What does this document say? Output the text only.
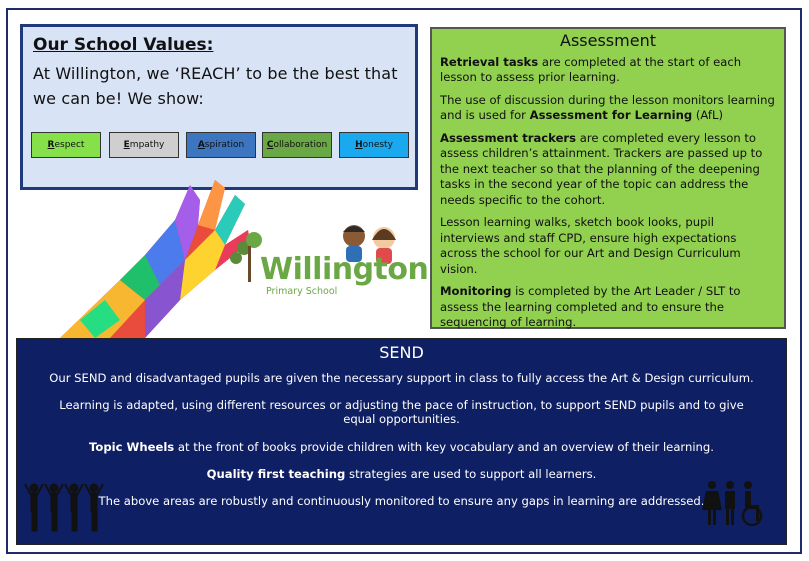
Our School Values:
At Willington, we ‘REACH’ to be the best that we can be! We show:
R espect	E mpathy	A spiration	C ollaboration	H onesty
Assessment

Retrieval tasks are completed at the start of each lesson to assess prior learning.

The use of discussion during the lesson monitors learning and is used for Assessment for Learning (AfL)

Assessment trackers are completed every lesson to assess children’s attainment. Trackers are passed up to the next teacher so that the planning of the deepening tasks in the second year of the topic can address the needs specific to the cohort.

Lesson learning walks, sketch book looks, pupil interviews and staff CPD, ensure high expectations across the school for our Art and Design Curriculum vision.

Monitoring is completed by the Art Leader / SLT to assess the learning completed and to ensure the sequencing of learning.

Willington
Primary School
SEND

Our SEND and disadvantaged pupils are given the necessary support in class to fully access the Art & Design curriculum.

Learning is adapted, using different resources or adjusting the pace of instruction, to support SEND pupils and to give equal opportunities.

Topic Wheels at the front of books provide children with key vocabulary and an overview of their learning.

Quality first teaching strategies are used to support all learners.

The above areas are robustly and continuously monitored to ensure any gaps in learning are addressed.
